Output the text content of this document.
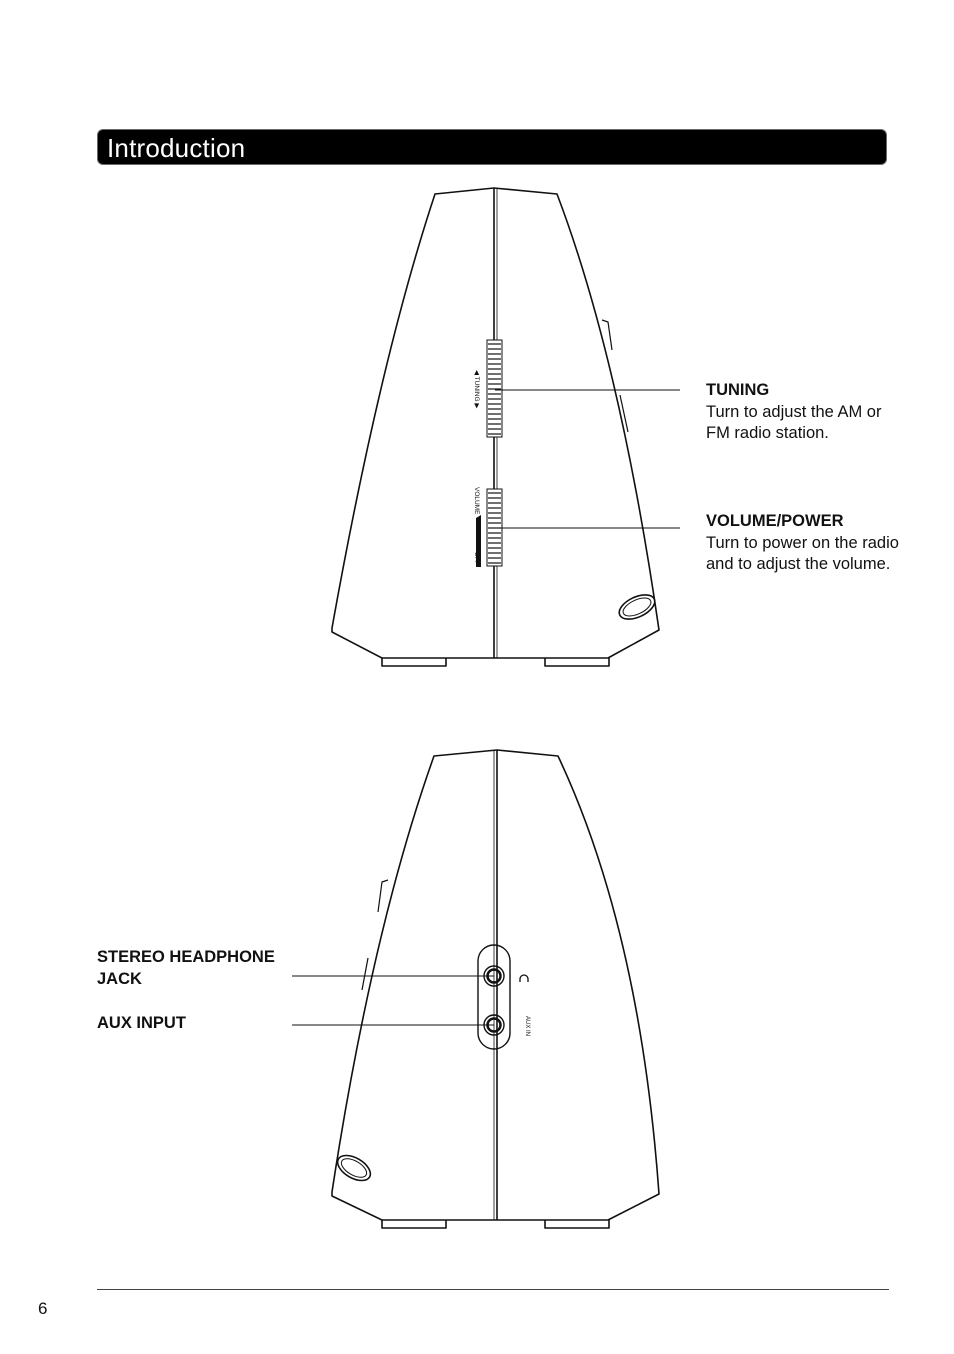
Introduction
◀ TUNING ▶
VOLUME
OFF
TUNING
Turn to adjust the AM or FM radio station.
VOLUME/POWER
Turn to power on the radio and to adjust the volume.
AUX IN
STEREO HEADPHONE JACK
AUX INPUT
6
